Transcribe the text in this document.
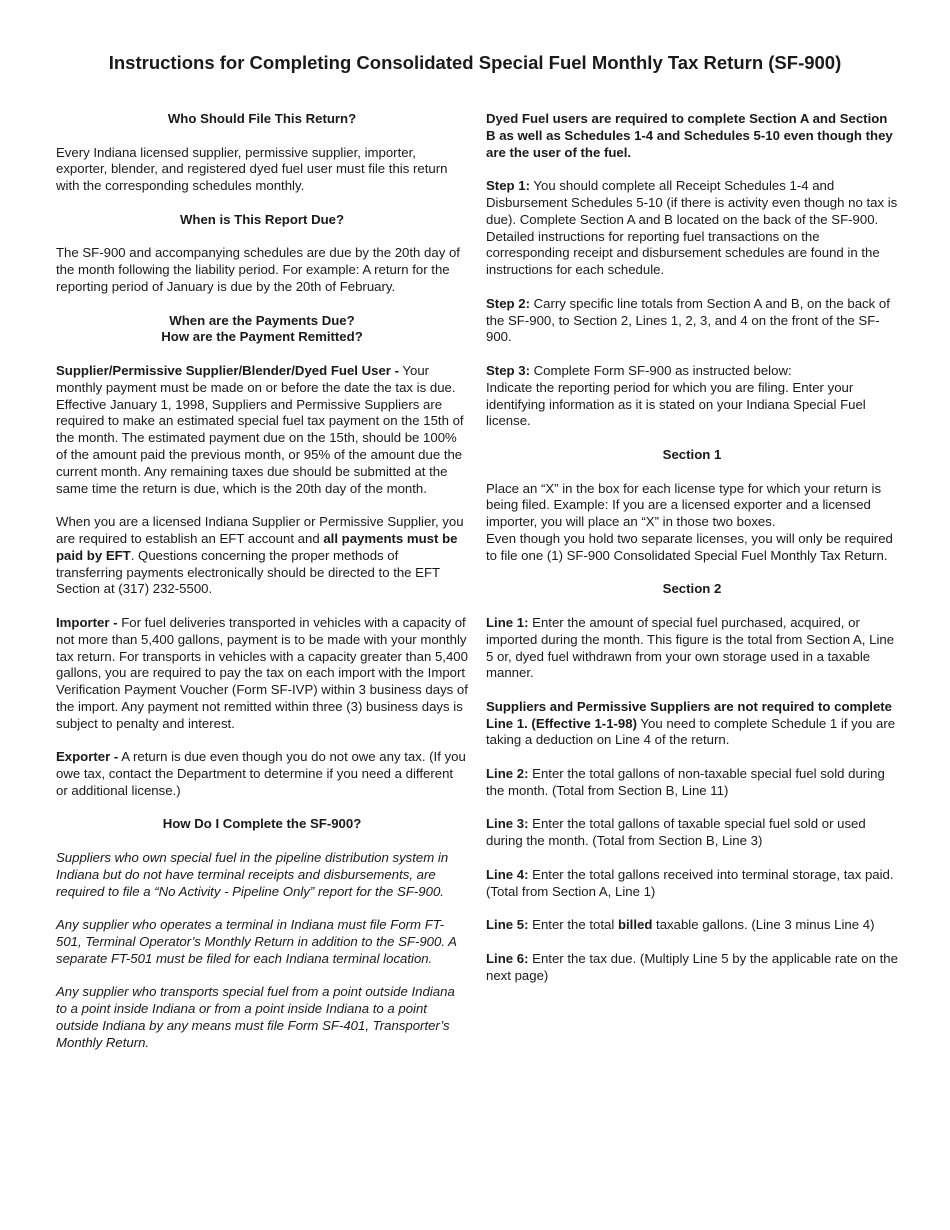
Instructions for Completing Consolidated Special Fuel Monthly Tax Return (SF-900)
Who Should File This Return?

Every Indiana licensed supplier, permissive supplier, importer, exporter, blender, and registered dyed fuel user must file this return with the corresponding schedules monthly.

When is This Report Due?

The SF-900 and accompanying schedules are due by the 20th day of the month following the liability period. For example: A return for the reporting period of January is due by the 20th of February.

When are the Payments Due?
How are the Payment Remitted?

Supplier/Permissive Supplier/Blender/Dyed Fuel User - Your monthly payment must be made on or before the date the tax is due. Effective January 1, 1998, Suppliers and Permissive Suppliers are required to make an estimated special fuel tax payment on the 15th of the month. The estimated payment due on the 15th, should be 100% of the amount paid the previous month, or 95% of the amount due the current month. Any remaining taxes due should be submitted at the same time the return is due, which is the 20th day of the month.

When you are a licensed Indiana Supplier or Permissive Supplier, you are required to establish an EFT account and all payments must be paid by EFT. Questions concerning the proper methods of transferring payments electronically should be directed to the EFT Section at (317) 232-5500.

Importer - For fuel deliveries transported in vehicles with a capacity of not more than 5,400 gallons, payment is to be made with your monthly tax return. For transports in vehicles with a capacity greater than 5,400 gallons, you are required to pay the tax on each import with the Import Verification Payment Voucher (Form SF-IVP) within 3 business days of the import. Any payment not remitted within three (3) business days is subject to penalty and interest.

Exporter - A return is due even though you do not owe any tax. (If you owe tax, contact the Department to determine if you need a different or additional license.)

How Do I Complete the SF-900?

Suppliers who own special fuel in the pipeline distribution system in Indiana but do not have terminal receipts and disbursements, are required to file a “No Activity - Pipeline Only” report for the SF-900.

Any supplier who operates a terminal in Indiana must file Form FT-501, Terminal Operator’s Monthly Return in addition to the SF-900. A separate FT-501 must be filed for each Indiana terminal location.

Any supplier who transports special fuel from a point outside Indiana to a point inside Indiana or from a point inside Indiana to a point outside Indiana by any means must file Form SF-401, Transporter’s Monthly Return.

Dyed Fuel users are required to complete Section A and Section B as well as Schedules 1-4 and Schedules 5-10 even though they are the user of the fuel.

Step 1: You should complete all Receipt Schedules 1-4 and Disbursement Schedules 5-10 (if there is activity even though no tax is due). Complete Section A and B located on the back of the SF-900. Detailed instructions for reporting fuel transactions on the corresponding receipt and disbursement schedules are found in the instructions for each schedule.

Step 2: Carry specific line totals from Section A and B, on the back of the SF-900, to Section 2, Lines 1, 2, 3, and 4 on the front of the SF-900.

Step 3: Complete Form SF-900 as instructed below:
Indicate the reporting period for which you are filing. Enter your identifying information as it is stated on your Indiana Special Fuel license.

Section 1

Place an “X” in the box for each license type for which your return is being filed. Example: If you are a licensed exporter and a licensed importer, you will place an “X” in those two boxes.
Even though you hold two separate licenses, you will only be required to file one (1) SF-900 Consolidated Special Fuel Monthly Tax Return.

Section 2

Line 1: Enter the amount of special fuel purchased, acquired, or imported during the month. This figure is the total from Section A, Line 5 or, dyed fuel withdrawn from your own storage used in a taxable manner.

Suppliers and Permissive Suppliers are not required to complete Line 1. (Effective 1-1-98) You need to complete Schedule 1 if you are taking a deduction on Line 4 of the return.

Line 2: Enter the total gallons of non-taxable special fuel sold during the month. (Total from Section B, Line 11)

Line 3: Enter the total gallons of taxable special fuel sold or used during the month. (Total from Section B, Line 3)

Line 4: Enter the total gallons received into terminal storage, tax paid. (Total from Section A, Line 1)

Line 5: Enter the total billed taxable gallons. (Line 3 minus Line 4)

Line 6: Enter the tax due. (Multiply Line 5 by the applicable rate on the next page)
